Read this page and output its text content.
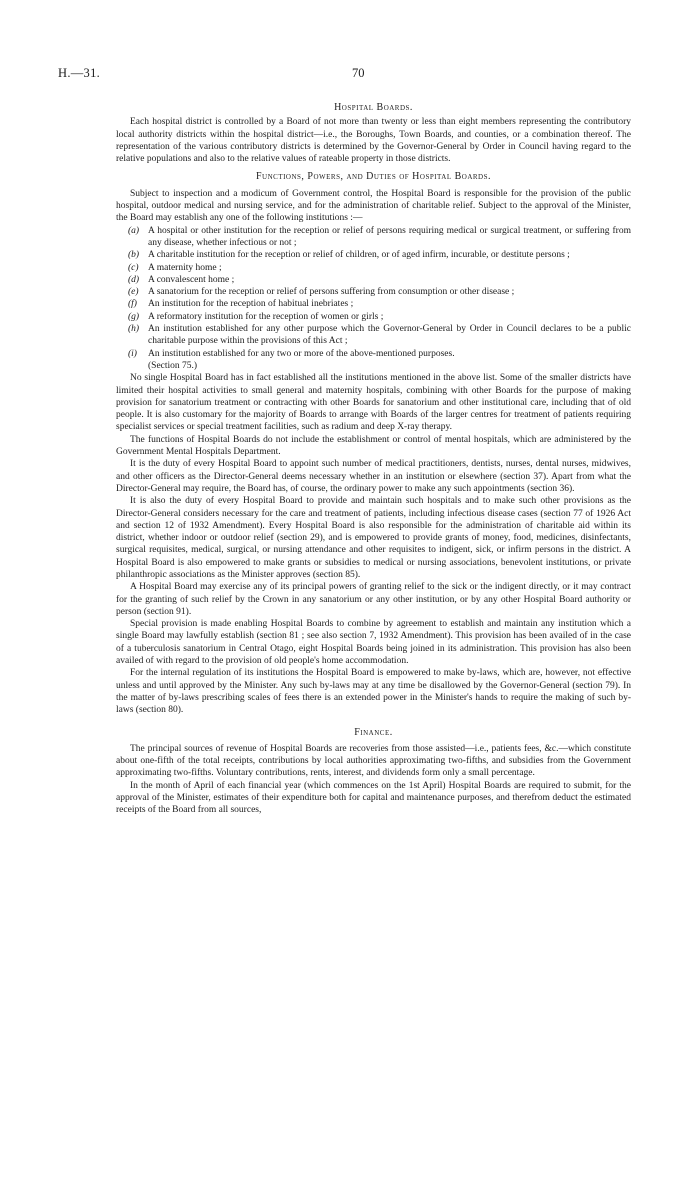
H.—31.	70
Hospital Boards.

Each hospital district is controlled by a Board of not more than twenty or less than eight members representing the contributory local authority districts within the hospital district—i.e., the Boroughs, Town Boards, and counties, or a combination thereof. The representation of the various contributory districts is determined by the Governor-General by Order in Council having regard to the relative populations and also to the relative values of rateable property in those districts.

Functions, Powers, and Duties of Hospital Boards.

Subject to inspection and a modicum of Government control, the Hospital Board is responsible for the provision of the public hospital, outdoor medical and nursing service, and for the administration of charitable relief. Subject to the approval of the Minister, the Board may establish any one of the following institutions :—

(a) A hospital or other institution for the reception or relief of persons requiring medical or surgical treatment, or suffering from any disease, whether infectious or not ;
(b) A charitable institution for the reception or relief of children, or of aged infirm, incurable, or destitute persons ;
(c) A maternity home ;
(d) A convalescent home ;
(e) A sanatorium for the reception or relief of persons suffering from consumption or other disease ;
(f)	An institution for the reception of habitual inebriates ;
(g) A reformatory institution for the reception of women or girls ;
(h) An institution established for any other purpose which the Governor-General by Order in Council declares to be a public charitable purpose within the provisions of this Act ;
(i)	An institution established for any two or more of the above-mentioned purposes.
(Section 75.)

No single Hospital Board has in fact established all the institutions mentioned in the above list. Some of the smaller districts have limited their hospital activities to small general and maternity hospitals, combining with other Boards for the purpose of making provision for sanatorium treatment or contracting with other Boards for sanatorium and other institutional care, including that of old people. It is also customary for the majority of Boards to arrange with Boards of the larger centres for treatment of patients requiring specialist services or special treatment facilities, such as radium and deep X-ray therapy.

The functions of Hospital Boards do not include the establishment or control of mental hospitals, which are administered by the Government Mental Hospitals Department.

It is the duty of every Hospital Board to appoint such number of medical practitioners, dentists, nurses, dental nurses, midwives, and other officers as the Director-General deems necessary whether in an institution or elsewhere (section 37). Apart from what the Director-General may require, the Board has, of course, the ordinary power to make any such appointments (section 36).

It is also the duty of every Hospital Board to provide and maintain such hospitals and to make such other provisions as the Director-General considers necessary for the care and treatment of patients, including infectious disease cases (section 77 of 1926 Act and section 12 of 1932 Amendment). Every Hospital Board is also responsible for the administration of charitable aid within its district, whether indoor or outdoor relief (section 29), and is empowered to provide grants of money, food, medicines, disinfectants, surgical requisites, medical, surgical, or nursing attendance and other requisites to indigent, sick, or infirm persons in the district. A Hospital Board is also empowered to make grants or subsidies to medical or nursing associations, benevolent institutions, or private philanthropic associations as the Minister approves (section 85).

A Hospital Board may exercise any of its principal powers of granting relief to the sick or the indigent directly, or it may contract for the granting of such relief by the Crown in any sanatorium or any other institution, or by any other Hospital Board authority or person (section 91).

Special provision is made enabling Hospital Boards to combine by agreement to establish and maintain any institution which a single Board may lawfully establish (section 81 ; see also section 7, 1932 Amendment). This provision has been availed of in the case of a tuberculosis sanatorium in Central Otago, eight Hospital Boards being joined in its administration. This provision has also been availed of with regard to the provision of old people's home accommodation.

For the internal regulation of its institutions the Hospital Board is empowered to make by-laws, which are, however, not effective unless and until approved by the Minister. Any such by-laws may at any time be disallowed by the Governor-General (section 79). In the matter of by-laws prescribing scales of fees there is an extended power in the Minister's hands to require the making of such by-laws (section 80).

Finance.

The principal sources of revenue of Hospital Boards are recoveries from those assisted—i.e., patients fees, &c.—which constitute about one-fifth of the total receipts, contributions by local authorities approximating two-fifths, and subsidies from the Government approximating two-fifths. Voluntary contributions, rents, interest, and dividends form only a small percentage.

In the month of April of each financial year (which commences on the 1st April) Hospital Boards are required to submit, for the approval of the Minister, estimates of their expenditure both for capital and maintenance purposes, and therefrom deduct the estimated receipts of the Board from all sources,
